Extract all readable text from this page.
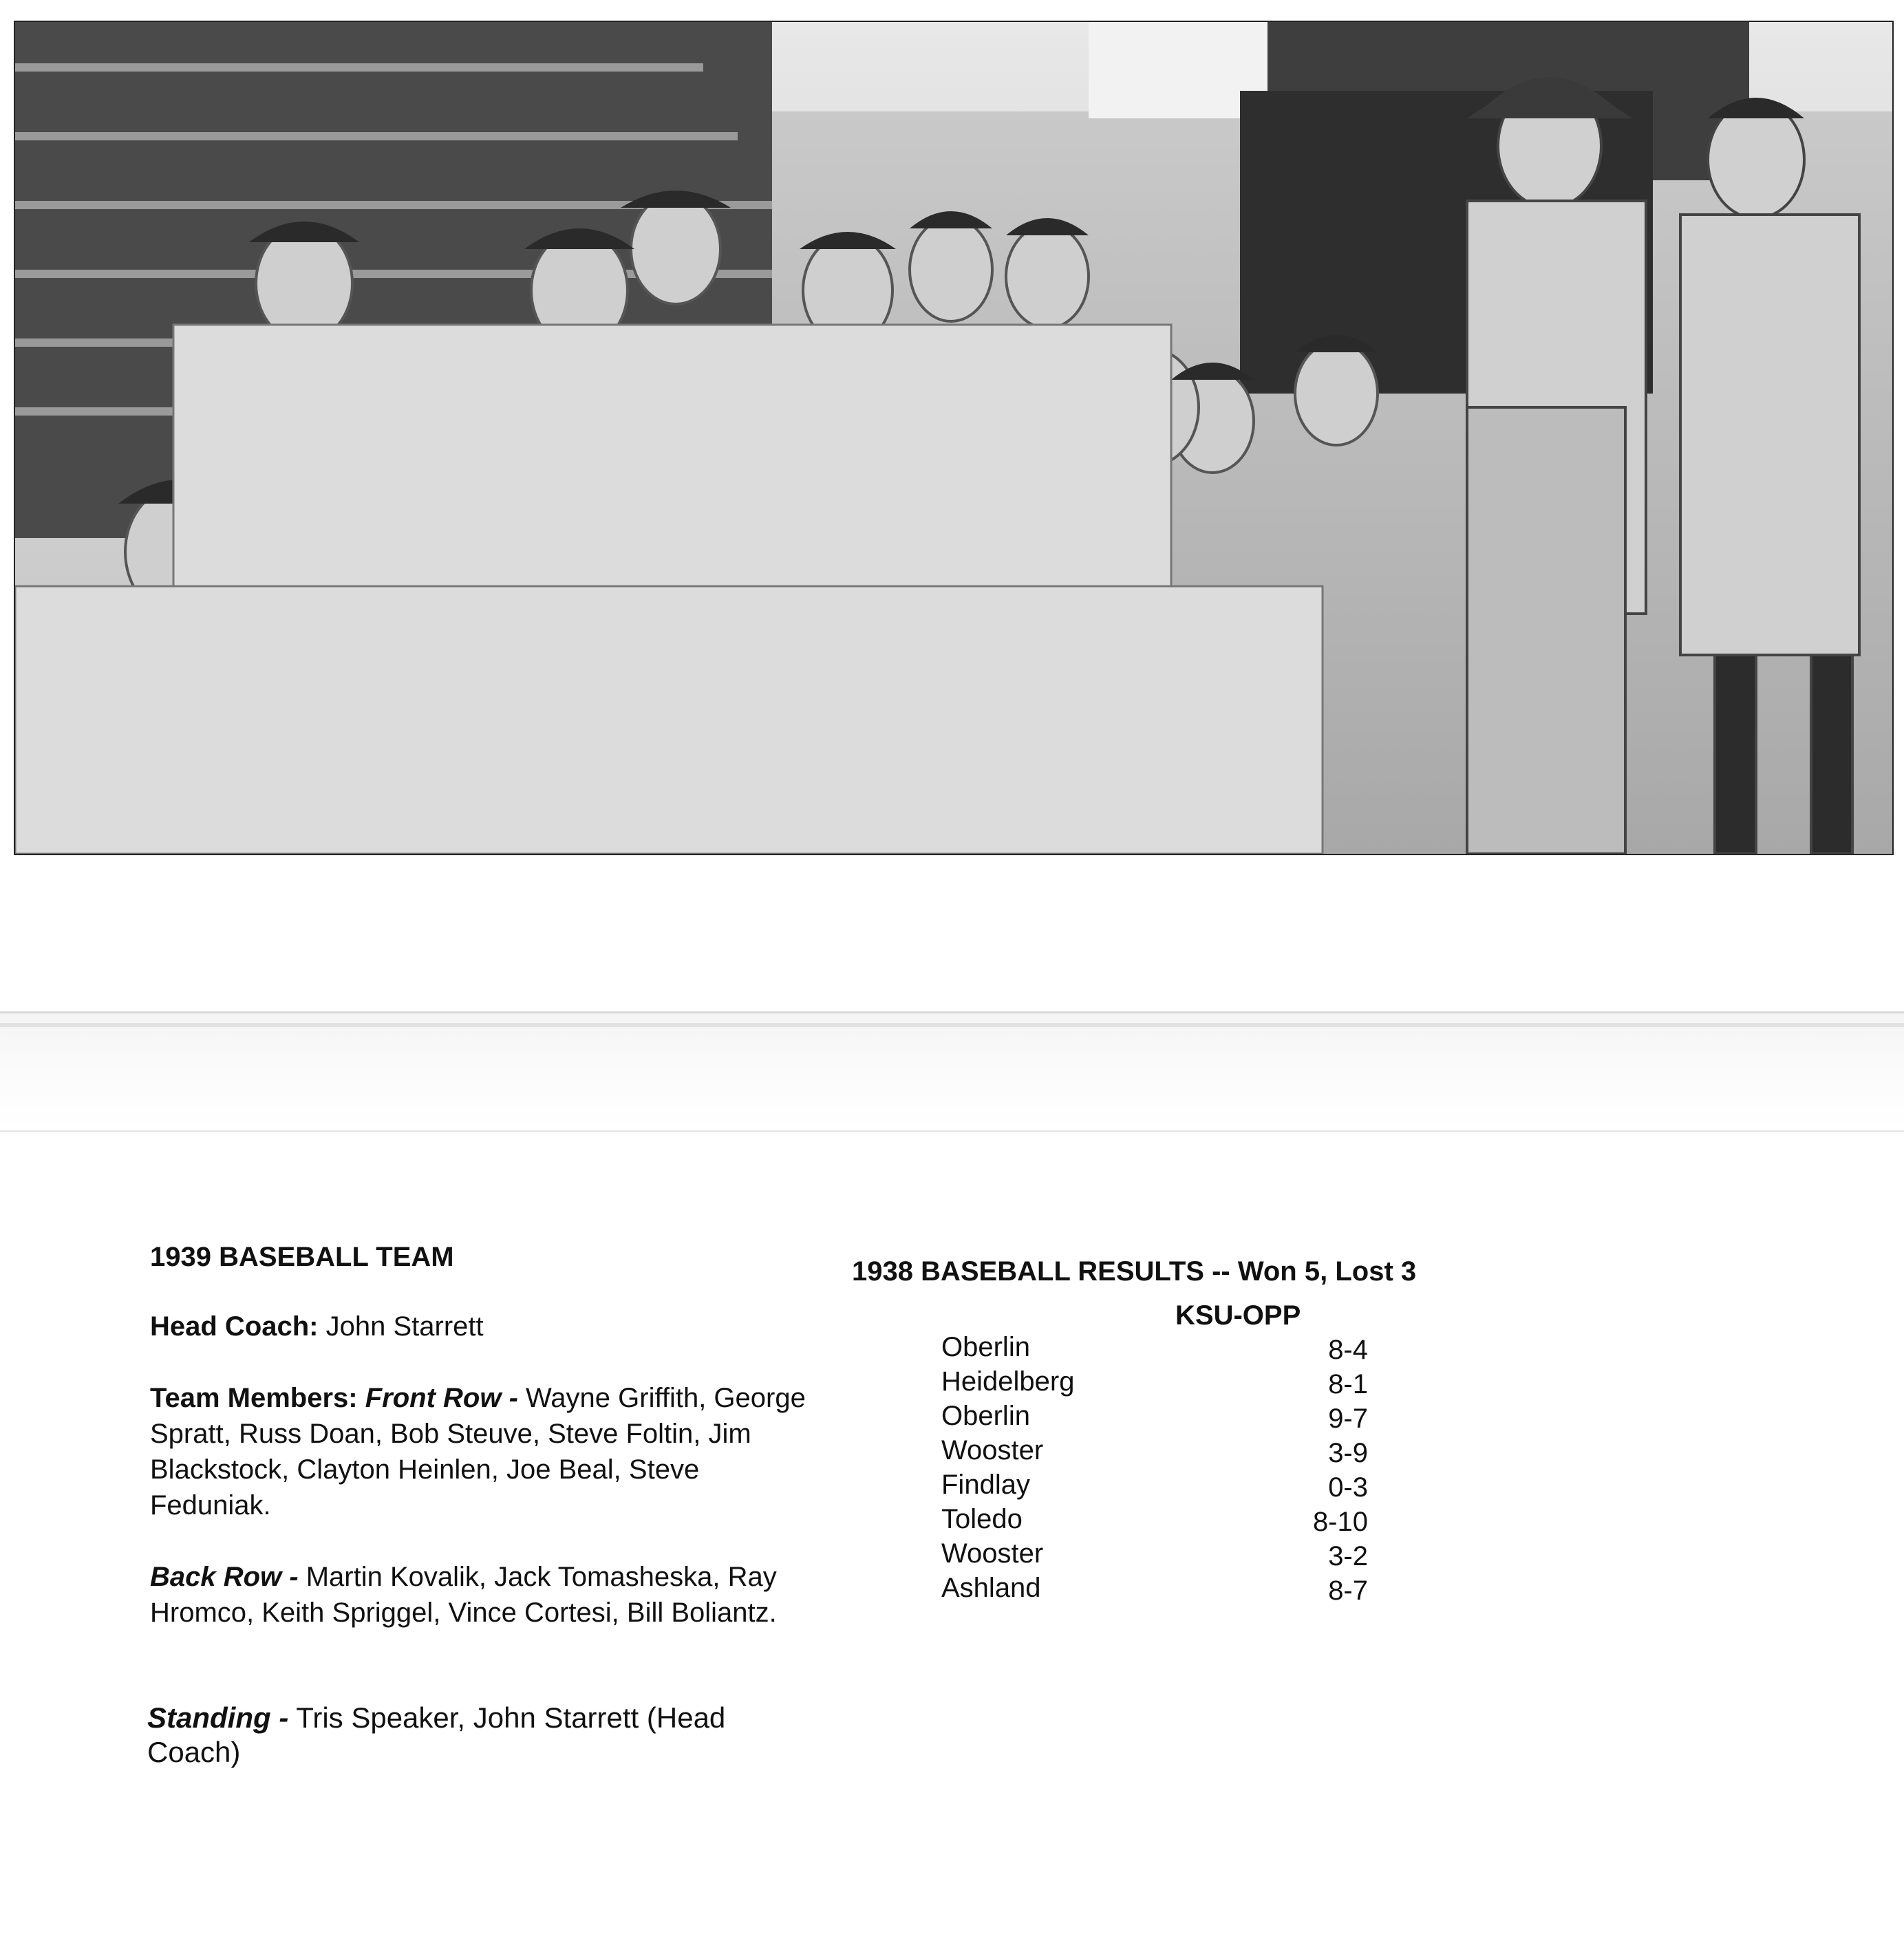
1939 BASEBALL TEAM

Head Coach: John Starrett

Team Members: Front Row - Wayne Griffith, George Spratt, Russ Doan, Bob Steuve, Steve Foltin, Jim Blackstock, Clayton Heinlen, Joe Beal, Steve Feduniak.

Back Row - Martin Kovalik, Jack Tomasheska, Ray Hromco, Keith Spriggel, Vince Cortesi, Bill Boliantz.

Standing - Tris Speaker, John Starrett (Head Coach)

1938 BASEBALL RESULTS -- Won 5, Lost 3

KSU-OPP
Oberlin	8-4
Heidelberg	8-1
Oberlin	9-7
Wooster	3-9
Findlay	0-3
Toledo	8-10
Wooster	3-2
Ashland	8-7
